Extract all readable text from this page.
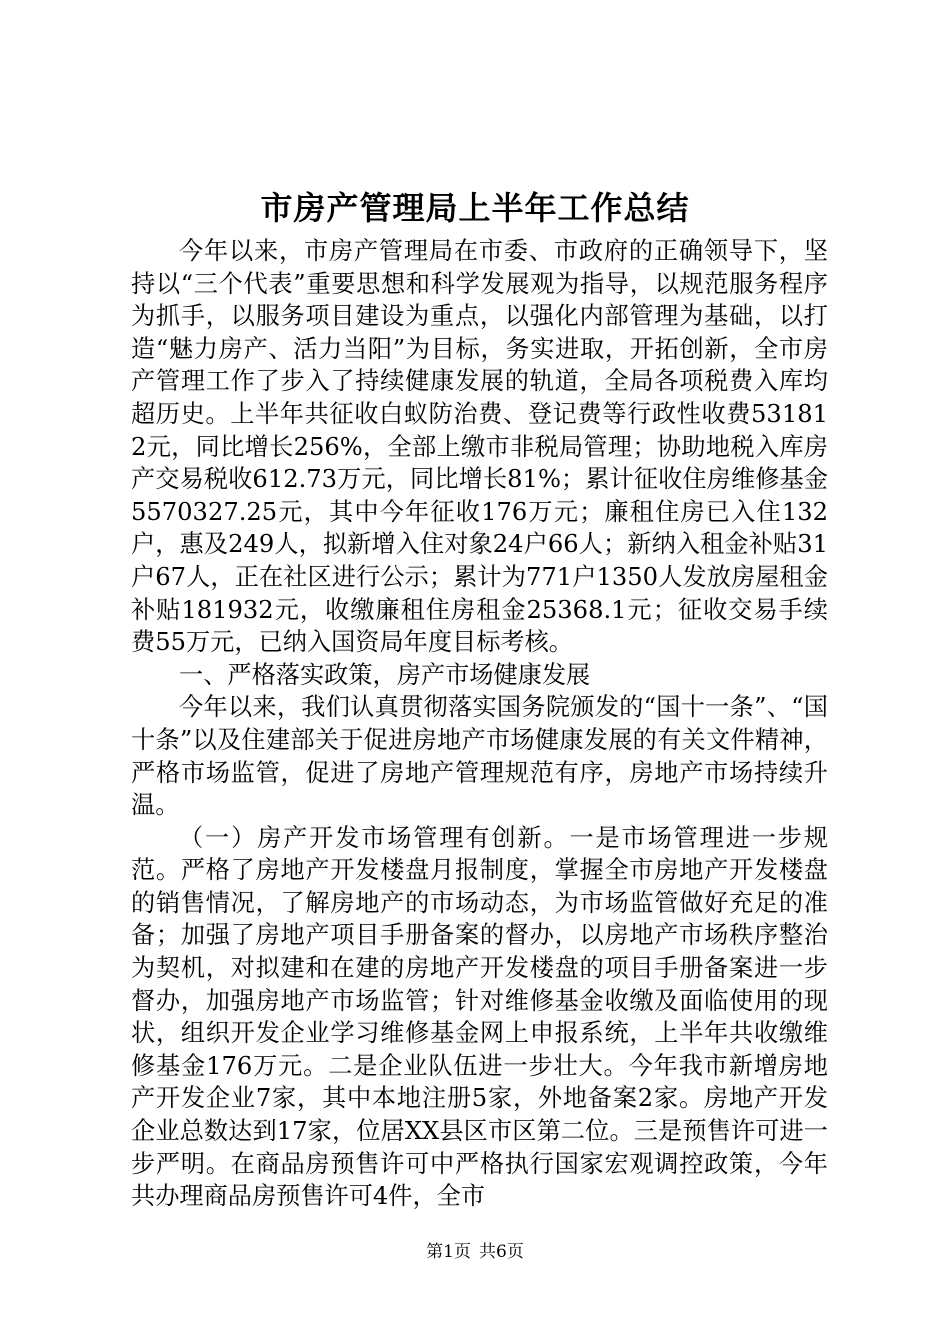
市房产管理局上半年工作总结

今年以来，市房产管理局在市委、市政府的正确领导下，坚持以“三个代表”重要思想和科学发展观为指导，以规范服务程序为抓手，以服务项目建设为重点，以强化内部管理为基础，以打造“魅力房产、活力当阳”为目标，务实进取，开拓创新，全市房产管理工作了步入了持续健康发展的轨道，全局各项税费入库均超历史。上半年共征收白蚁防治费、登记费等行政性收费531812元，同比增长256%，全部上缴市非税局管理；协助地税入库房产交易税收612.73万元，同比增长81%；累计征收住房维修基金5570327.25元，其中今年征收176万元；廉租住房已入住132户，惠及249人，拟新增入住对象24户66人；新纳入租金补贴31户67人，正在社区进行公示；累计为771户1350人发放房屋租金补贴181932元，收缴廉租住房租金25368.1元；征收交易手续费55万元，已纳入国资局年度目标考核。

一、严格落实政策，房产市场健康发展

今年以来，我们认真贯彻落实国务院颁发的“国十一条”、“国十条”以及住建部关于促进房地产市场健康发展的有关文件精神，严格市场监管，促进了房地产管理规范有序，房地产市场持续升温。

（一）房产开发市场管理有创新。一是市场管理进一步规范。严格了房地产开发楼盘月报制度，掌握全市房地产开发楼盘的销售情况，了解房地产的市场动态，为市场监管做好充足的准备；加强了房地产项目手册备案的督办，以房地产市场秩序整治为契机，对拟建和在建的房地产开发楼盘的项目手册备案进一步督办，加强房地产市场监管；针对维修基金收缴及面临使用的现状，组织开发企业学习维修基金网上申报系统，上半年共收缴维修基金176万元。二是企业队伍进一步壮大。今年我市新增房地产开发企业7家，其中本地注册5家，外地备案2家。房地产开发企业总数达到17家，位居XX县区市区第二位。三是预售许可进一步严明。在商品房预售许可中严格执行国家宏观调控政策，今年共办理商品房预售许可4件，全市

第1页 共6页
